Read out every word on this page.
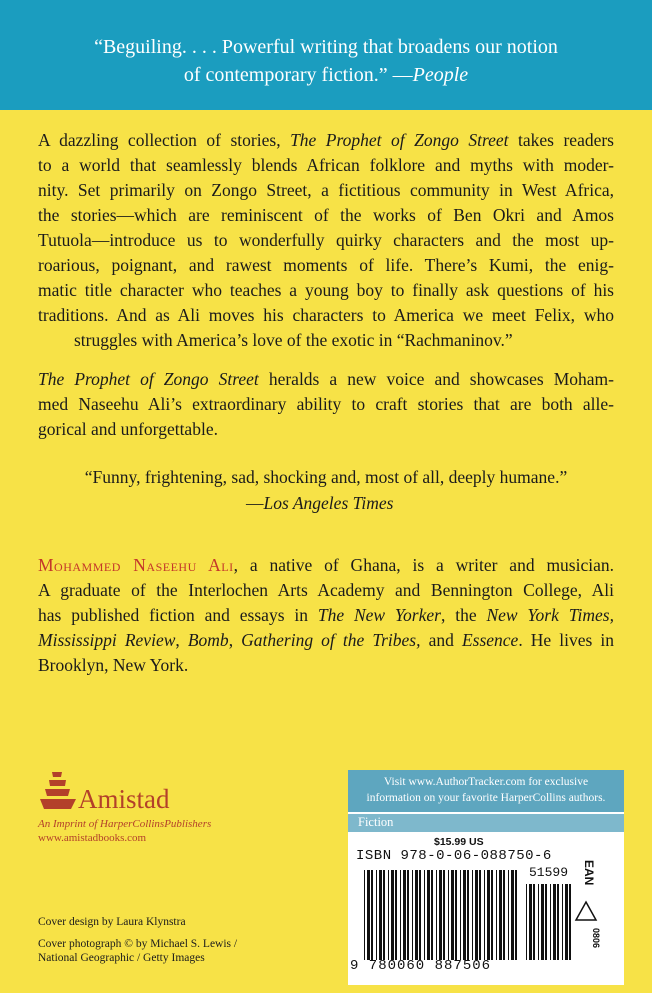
“Beguiling. . . . Powerful writing that broadens our notion
of contemporary fiction.” —People
A dazzling collection of stories, The Prophet of Zongo Street takes readers
to a world that seamlessly blends African folklore and myths with moder-
nity. Set primarily on Zongo Street, a fictitious community in West Africa,
the stories—which are reminiscent of the works of Ben Okri and Amos
Tutuola—introduce us to wonderfully quirky characters and the most up-
roarious, poignant, and rawest moments of life. There’s Kumi, the enig-
matic title character who teaches a young boy to finally ask questions of his
traditions. And as Ali moves his characters to America we meet Felix, who
struggles with America’s love of the exotic in “Rachmaninov.”
The Prophet of Zongo Street heralds a new voice and showcases Moham-
med Naseehu Ali’s extraordinary ability to craft stories that are both alle-
gorical and unforgettable.
“Funny, frightening, sad, shocking and, most of all, deeply humane.”
—Los Angeles Times
Mohammed Naseehu Ali, a native of Ghana, is a writer and musician.
A graduate of the Interlochen Arts Academy and Bennington College, Ali
has published fiction and essays in The New Yorker, the New York Times,
Mississippi Review, Bomb, Gathering of the Tribes, and Essence. He lives in
Brooklyn, New York.
Amistad
An Imprint of HarperCollinsPublishers
www.amistadbooks.com
Cover design by Laura Klynstra
Cover photograph © by Michael S. Lewis /
National Geographic / Getty Images
Visit www.AuthorTracker.com for exclusive
information on your favorite HarperCollins authors.
Fiction
$15.99 US
ISBN 978-0-06-088750-6
51599 EAN
0806
9 780060 887506
